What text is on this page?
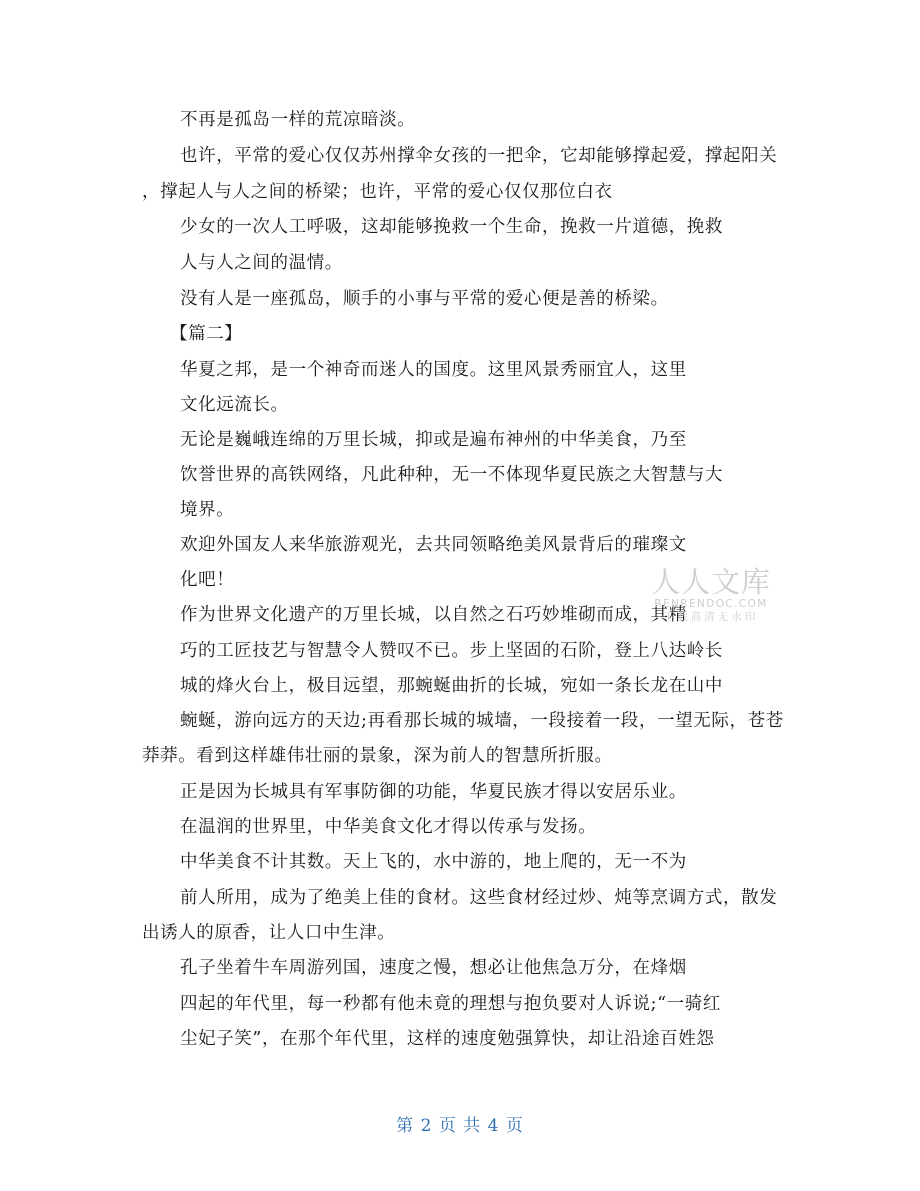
不再是孤岛一样的荒凉暗淡。

也许，平常的爱心仅仅苏州撑伞女孩的一把伞，它却能够撑起爱，撑起阳关

，撑起人与人之间的桥梁；也许，平常的爱心仅仅那位白衣

少女的一次人工呼吸，这却能够挽救一个生命，挽救一片道德，挽救

人与人之间的温情。

没有人是一座孤岛，顺手的小事与平常的爱心便是善的桥梁。

【篇二】

华夏之邦，是一个神奇而迷人的国度。这里风景秀丽宜人，这里

文化远流长。

无论是巍峨连绵的万里长城，抑或是遍布神州的中华美食，乃至

饮誉世界的高铁网络，凡此种种，无一不体现华夏民族之大智慧与大

境界。

欢迎外国友人来华旅游观光，去共同领略绝美风景背后的璀璨文

化吧！

作为世界文化遗产的万里长城，以自然之石巧妙堆砌而成，其精

巧的工匠技艺与智慧令人赞叹不已。步上坚固的石阶，登上八达岭长

城的烽火台上，极目远望，那蜿蜒曲折的长城，宛如一条长龙在山中

蜿蜒，游向远方的天边;再看那长城的城墙，一段接着一段，一望无际，苍苍

莽莽。看到这样雄伟壮丽的景象，深为前人的智慧所折服。

正是因为长城具有军事防御的功能，华夏民族才得以安居乐业。

在温润的世界里，中华美食文化才得以传承与发扬。

中华美食不计其数。天上飞的，水中游的，地上爬的，无一不为

前人所用，成为了绝美上佳的食材。这些食材经过炒、炖等烹调方式，散发

出诱人的原香，让人口中生津。

孔子坐着牛车周游列国，速度之慢，想必让他焦急万分，在烽烟

四起的年代里，每一秒都有他未竟的理想与抱负要对人诉说;“一骑红

尘妃子笑”，在那个年代里，这样的速度勉强算快，却让沿途百姓怨

人人文库
RENRENDOC.COM
下载高清无水印
第 2 页 共 4 页
